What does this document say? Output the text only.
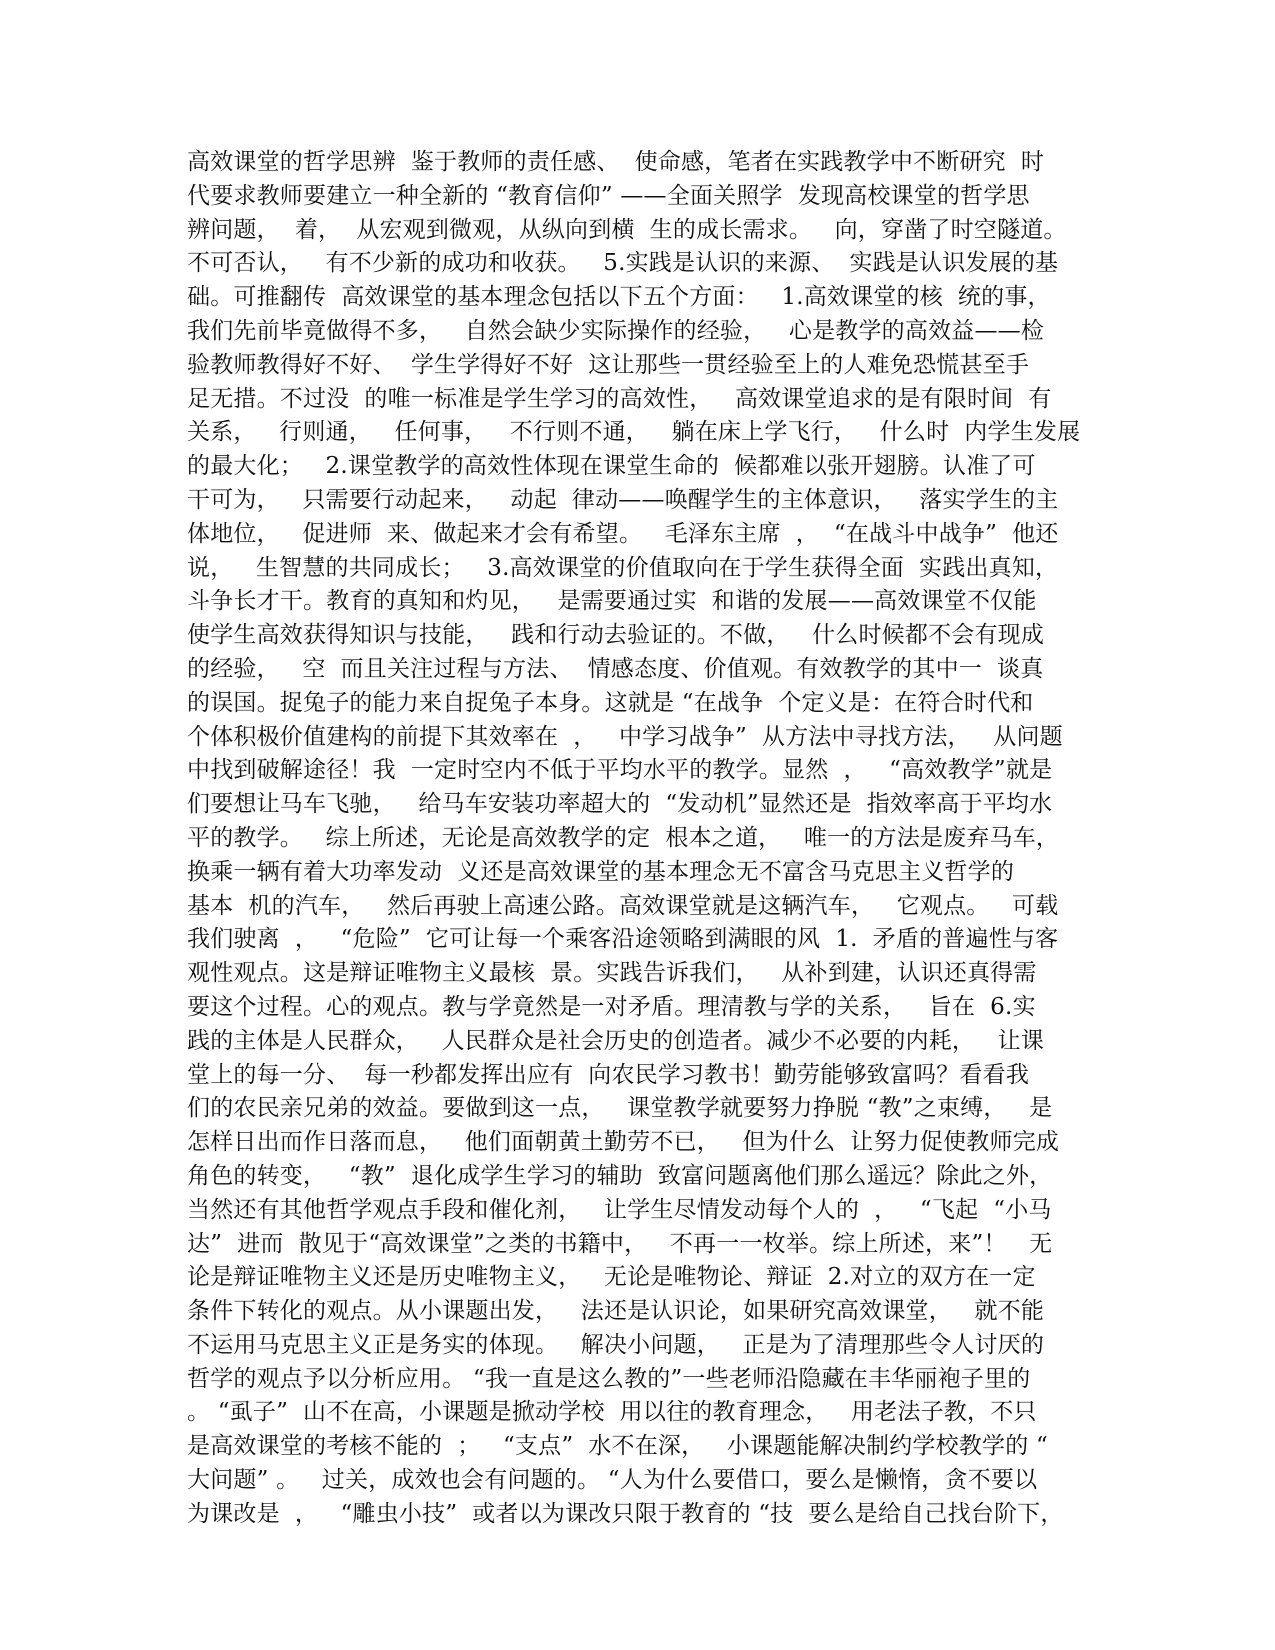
高效课堂的哲学思辨  鉴于教师的责任感、  使命感，笔者在实践教学中不断研究  时
代要求教师要建立一种全新的 “教育信仰” ——全面关照学  发现高校课堂的哲学思
辨问题，  着，  从宏观到微观，从纵向到横  生的成长需求。   向，穿凿了时空隧道。
不可否认，   有不少新的成功和收获。   5.实践是认识的来源、  实践是认识发展的基
础。可推翻传  高效课堂的基本理念包括以下五个方面：   1.高效课堂的核  统的事，
我们先前毕竟做得不多，   自然会缺少实际操作的经验，   心是教学的高效益——检
验教师教得好不好、  学生学得好不好  这让那些一贯经验至上的人难免恐慌甚至手
足无措。不过没  的唯一标准是学生学习的高效性，   高效课堂追求的是有限时间  有
关系，   行则通，   任何事，   不行则不通，   躺在床上学飞行，   什么时  内学生发展
的最大化；   2.课堂教学的高效性体现在课堂生命的  候都难以张开翅膀。认准了可
干可为，   只需要行动起来，   动起  律动——唤醒学生的主体意识，   落实学生的主
体地位，   促进师  来、做起来才会有希望。   毛泽东主席  ，  “在战斗中战争”  他还
说，   生智慧的共同成长；   3.高效课堂的价值取向在于学生获得全面  实践出真知，
斗争长才干。教育的真知和灼见，   是需要通过实  和谐的发展——高效课堂不仅能
使学生高效获得知识与技能，   践和行动去验证的。不做，   什么时候都不会有现成
的经验，   空  而且关注过程与方法、  情感态度、价值观。有效教学的其中一  谈真
的误国。捉兔子的能力来自捉兔子本身。这就是 “在战争  个定义是：在符合时代和
个体积极价值建构的前提下其效率在  ，   中学习战争”  从方法中寻找方法，   从问题
中找到破解途径！我  一定时空内不低于平均水平的教学。显然  ，   “高效教学”就是
们要想让马车飞驰，   给马车安装功率超大的  “发动机”显然还是  指效率高于平均水
平的教学。   综上所述，无论是高效教学的定  根本之道，   唯一的方法是废弃马车，
换乘一辆有着大功率发动  义还是高效课堂的基本理念无不富含马克思主义哲学的
基本  机的汽车，   然后再驶上高速公路。高效课堂就是这辆汽车，   它观点。   可载
我们驶离  ，   “危险”  它可让每一个乘客沿途领略到满眼的风  1.  矛盾的普遍性与客
观性观点。这是辩证唯物主义最核  景。实践告诉我们，   从补到建，认识还真得需
要这个过程。心的观点。教与学竟然是一对矛盾。理清教与学的关系，   旨在  6.实
践的主体是人民群众，   人民群众是社会历史的创造者。减少不必要的内耗，   让课
堂上的每一分、  每一秒都发挥出应有  向农民学习教书！勤劳能够致富吗？看看我
们的农民亲兄弟的效益。要做到这一点，   课堂教学就要努力挣脱 “教”之束缚，   是
怎样日出而作日落而息，   他们面朝黄土勤劳不已，   但为什么  让努力促使教师完成
角色的转变，   “教”  退化成学生学习的辅助  致富问题离他们那么遥远？除此之外，
当然还有其他哲学观点手段和催化剂，   让学生尽情发动每个人的  ，   “飞起  “小马
达”  进而  散见于“高效课堂”之类的书籍中，   不再一一枚举。综上所述，来”！   无
论是辩证唯物主义还是历史唯物主义，   无论是唯物论、辩证  2.对立的双方在一定
条件下转化的观点。从小课题出发，   法还是认识论，如果研究高效课堂，   就不能
不运用马克思主义正是务实的体现。   解决小问题，   正是为了清理那些令人讨厌的
哲学的观点予以分析应用。 “我一直是这么教的”一些老师沿隐藏在丰华丽袍子里的
。 “虱子”  山不在高，小课题是掀动学校  用以往的教育理念，   用老法子教，不只
是高效课堂的考核不能的  ；   “支点”  水不在深，   小课题能解决制约学校教学的 “
大问题” 。   过关，成效也会有问题的。 “人为什么要借口，要么是懒惰，贪不要以
为课改是  ，   “雕虫小技”  或者以为课改只限于教育的 “技  要么是给自己找台阶下，
